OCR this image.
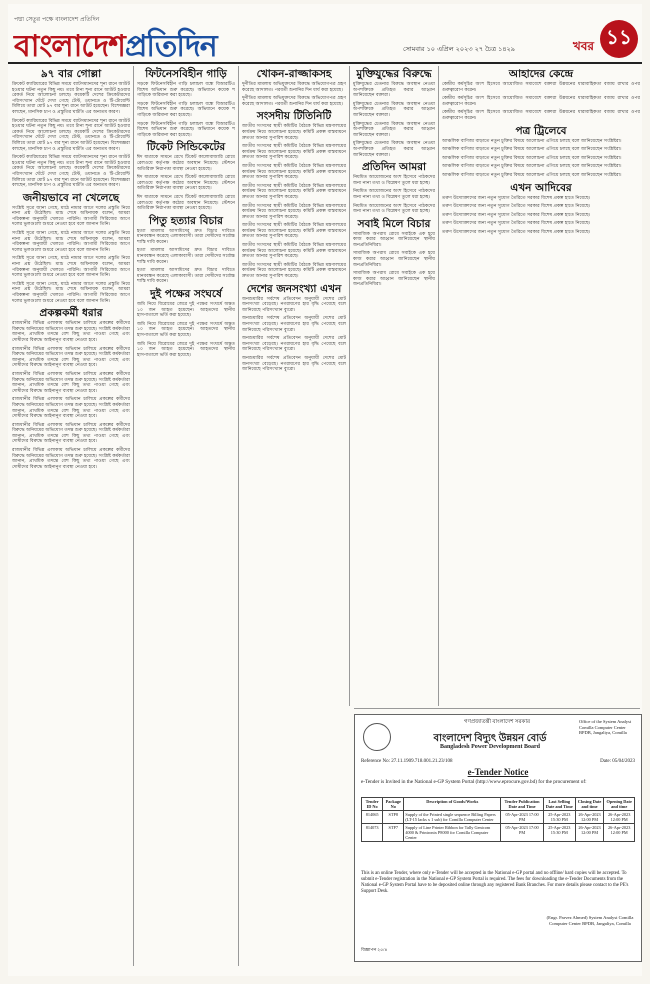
পদ্মা সেতুর পক্ষে বাংলাদেশ প্রতিদিন
বাংলাদেশপ্রতিদিন	সোমবার ১০ এপ্রিল ২০২৩ ২৭ চৈত্র ১৪২৯	খবর ১১
৯৭ বার গোল্লা

ক্রিকেট ক্যারিয়ারের বিভিন্ন সময়ে ব্যাটসম্যানদের শূন্য রানে আউট হওয়ার ঘটনা নতুন কিছু নয়। তবে টানা শূন্য রানে আউট হওয়ার রেকর্ড নিয়ে আলোচনা চলছে। কয়েকটি দেশের ক্রিকেটারদের পরিসংখ্যান ঘেঁটে দেখা গেছে টেস্ট, ওয়ানডে ও টি-টোয়েন্টি মিলিয়ে তারা মোট ৯৭ বার শূন্য রানে আউট হয়েছেন। বিশেষজ্ঞরা বলছেন, মানসিক চাপ ও প্রস্তুতির ঘাটতি এর অন্যতম কারণ।

ক্রিকেট ক্যারিয়ারের বিভিন্ন সময়ে ব্যাটসম্যানদের শূন্য রানে আউট হওয়ার ঘটনা নতুন কিছু নয়। তবে টানা শূন্য রানে আউট হওয়ার রেকর্ড নিয়ে আলোচনা চলছে। কয়েকটি দেশের ক্রিকেটারদের পরিসংখ্যান ঘেঁটে দেখা গেছে টেস্ট, ওয়ানডে ও টি-টোয়েন্টি মিলিয়ে তারা মোট ৯৭ বার শূন্য রানে আউট হয়েছেন। বিশেষজ্ঞরা বলছেন, মানসিক চাপ ও প্রস্তুতির ঘাটতি এর অন্যতম কারণ।

ক্রিকেট ক্যারিয়ারের বিভিন্ন সময়ে ব্যাটসম্যানদের শূন্য রানে আউট হওয়ার ঘটনা নতুন কিছু নয়। তবে টানা শূন্য রানে আউট হওয়ার রেকর্ড নিয়ে আলোচনা চলছে। কয়েকটি দেশের ক্রিকেটারদের পরিসংখ্যান ঘেঁটে দেখা গেছে টেস্ট, ওয়ানডে ও টি-টোয়েন্টি মিলিয়ে তারা মোট ৯৭ বার শূন্য রানে আউট হয়েছেন। বিশেষজ্ঞরা বলছেন, মানসিক চাপ ও প্রস্তুতির ঘাটতি এর অন্যতম কারণ।

জনীয়ভাবে না খেলেছে

সংশ্লিষ্ট সূত্রে জানা গেছে, মাঠে নামার আগে দলের প্রস্তুতি নিয়ে নানা প্রশ্ন উঠেছিল। ম্যাচ শেষে অধিনায়ক বলেন, আমরা পরিকল্পনা অনুযায়ী খেলতে পারিনি। আগামী সিরিজের আগে দলের ভুলগুলো শুধরে নেওয়া হবে বলে জানান তিনি।

সংশ্লিষ্ট সূত্রে জানা গেছে, মাঠে নামার আগে দলের প্রস্তুতি নিয়ে নানা প্রশ্ন উঠেছিল। ম্যাচ শেষে অধিনায়ক বলেন, আমরা পরিকল্পনা অনুযায়ী খেলতে পারিনি। আগামী সিরিজের আগে দলের ভুলগুলো শুধরে নেওয়া হবে বলে জানান তিনি।

সংশ্লিষ্ট সূত্রে জানা গেছে, মাঠে নামার আগে দলের প্রস্তুতি নিয়ে নানা প্রশ্ন উঠেছিল। ম্যাচ শেষে অধিনায়ক বলেন, আমরা পরিকল্পনা অনুযায়ী খেলতে পারিনি। আগামী সিরিজের আগে দলের ভুলগুলো শুধরে নেওয়া হবে বলে জানান তিনি।

সংশ্লিষ্ট সূত্রে জানা গেছে, মাঠে নামার আগে দলের প্রস্তুতি নিয়ে নানা প্রশ্ন উঠেছিল। ম্যাচ শেষে অধিনায়ক বলেন, আমরা পরিকল্পনা অনুযায়ী খেলতে পারিনি। আগামী সিরিজের আগে দলের ভুলগুলো শুধরে নেওয়া হবে বলে জানান তিনি।

প্রকল্পকর্মী ধরার

রাজধানীর বিভিন্ন এলাকায় অভিযান চালিয়ে প্রকল্পের কর্মীদের বিরুদ্ধে অনিয়মের অভিযোগ তদন্ত শুরু হয়েছে। সংশ্লিষ্ট কর্মকর্তারা জানান, প্রাথমিক তদন্তে বেশ কিছু তথ্য পাওয়া গেছে এবং দোষীদের বিরুদ্ধে আইনানুগ ব্যবস্থা নেওয়া হবে।

রাজধানীর বিভিন্ন এলাকায় অভিযান চালিয়ে প্রকল্পের কর্মীদের বিরুদ্ধে অনিয়মের অভিযোগ তদন্ত শুরু হয়েছে। সংশ্লিষ্ট কর্মকর্তারা জানান, প্রাথমিক তদন্তে বেশ কিছু তথ্য পাওয়া গেছে এবং দোষীদের বিরুদ্ধে আইনানুগ ব্যবস্থা নেওয়া হবে।

রাজধানীর বিভিন্ন এলাকায় অভিযান চালিয়ে প্রকল্পের কর্মীদের বিরুদ্ধে অনিয়মের অভিযোগ তদন্ত শুরু হয়েছে। সংশ্লিষ্ট কর্মকর্তারা জানান, প্রাথমিক তদন্তে বেশ কিছু তথ্য পাওয়া গেছে এবং দোষীদের বিরুদ্ধে আইনানুগ ব্যবস্থা নেওয়া হবে।

রাজধানীর বিভিন্ন এলাকায় অভিযান চালিয়ে প্রকল্পের কর্মীদের বিরুদ্ধে অনিয়মের অভিযোগ তদন্ত শুরু হয়েছে। সংশ্লিষ্ট কর্মকর্তারা জানান, প্রাথমিক তদন্তে বেশ কিছু তথ্য পাওয়া গেছে এবং দোষীদের বিরুদ্ধে আইনানুগ ব্যবস্থা নেওয়া হবে।

রাজধানীর বিভিন্ন এলাকায় অভিযান চালিয়ে প্রকল্পের কর্মীদের বিরুদ্ধে অনিয়মের অভিযোগ তদন্ত শুরু হয়েছে। সংশ্লিষ্ট কর্মকর্তারা জানান, প্রাথমিক তদন্তে বেশ কিছু তথ্য পাওয়া গেছে এবং দোষীদের বিরুদ্ধে আইনানুগ ব্যবস্থা নেওয়া হবে।

রাজধানীর বিভিন্ন এলাকায় অভিযান চালিয়ে প্রকল্পের কর্মীদের বিরুদ্ধে অনিয়মের অভিযোগ তদন্ত শুরু হয়েছে। সংশ্লিষ্ট কর্মকর্তারা জানান, প্রাথমিক তদন্তে বেশ কিছু তথ্য পাওয়া গেছে এবং দোষীদের বিরুদ্ধে আইনানুগ ব্যবস্থা নেওয়া হবে।

ফিটনেসবিহীন গাড়ি

সড়কে ফিটনেসবিহীন গাড়ি চলাচল বন্ধে বিআরটিএ বিশেষ অভিযান শুরু করেছে। অভিযানে কয়েক শ গাড়িকে জরিমানা করা হয়েছে।

সড়কে ফিটনেসবিহীন গাড়ি চলাচল বন্ধে বিআরটিএ বিশেষ অভিযান শুরু করেছে। অভিযানে কয়েক শ গাড়িকে জরিমানা করা হয়েছে।

সড়কে ফিটনেসবিহীন গাড়ি চলাচল বন্ধে বিআরটিএ বিশেষ অভিযান শুরু করেছে। অভিযানে কয়েক শ গাড়িকে জরিমানা করা হয়েছে।

টিকেট সিন্ডিকেটের

ঈদ যাত্রাকে সামনে রেখে টিকেট কালোবাজারি রোধে রেলওয়ে কর্তৃপক্ষ কঠোর অবস্থান নিয়েছে। স্টেশনে অতিরিক্ত নিরাপত্তা ব্যবস্থা নেওয়া হয়েছে।

ঈদ যাত্রাকে সামনে রেখে টিকেট কালোবাজারি রোধে রেলওয়ে কর্তৃপক্ষ কঠোর অবস্থান নিয়েছে। স্টেশনে অতিরিক্ত নিরাপত্তা ব্যবস্থা নেওয়া হয়েছে।

ঈদ যাত্রাকে সামনে রেখে টিকেট কালোবাজারি রোধে রেলওয়ে কর্তৃপক্ষ কঠোর অবস্থান নিয়েছে। স্টেশনে অতিরিক্ত নিরাপত্তা ব্যবস্থা নেওয়া হয়েছে।

পিতু হত্যার বিচার

হত্যা মামলার আসামিদের দ্রুত বিচার দাবিতে মানববন্ধন করেছে এলাকাবাসী। তারা দোষীদের সর্বোচ্চ শাস্তি দাবি করেন।

হত্যা মামলার আসামিদের দ্রুত বিচার দাবিতে মানববন্ধন করেছে এলাকাবাসী। তারা দোষীদের সর্বোচ্চ শাস্তি দাবি করেন।

হত্যা মামলার আসামিদের দ্রুত বিচার দাবিতে মানববন্ধন করেছে এলাকাবাসী। তারা দোষীদের সর্বোচ্চ শাস্তি দাবি করেন।

দুই পক্ষের সংঘর্ষে

জমি নিয়ে বিরোধের জেরে দুই পক্ষের সংঘর্ষে অন্তত ১০ জন আহত হয়েছেন। আহতদের স্থানীয় হাসপাতালে ভর্তি করা হয়েছে।

জমি নিয়ে বিরোধের জেরে দুই পক্ষের সংঘর্ষে অন্তত ১০ জন আহত হয়েছেন। আহতদের স্থানীয় হাসপাতালে ভর্তি করা হয়েছে।

জমি নিয়ে বিরোধের জেরে দুই পক্ষের সংঘর্ষে অন্তত ১০ জন আহত হয়েছেন। আহতদের স্থানীয় হাসপাতালে ভর্তি করা হয়েছে।

খোকন-রাজ্জাকসহ

দুর্নীতির মামলায় অভিযুক্তদের বিরুদ্ধে অভিযোগপত্র গ্রহণ করেছে আদালত। পরবর্তী শুনানির দিন ধার্য করা হয়েছে।

দুর্নীতির মামলায় অভিযুক্তদের বিরুদ্ধে অভিযোগপত্র গ্রহণ করেছে আদালত। পরবর্তী শুনানির দিন ধার্য করা হয়েছে।

সংসদীয় টিতিনিটি

জাতীয় সংসদের স্থায়ী কমিটির বৈঠকে বিভিন্ন মন্ত্রণালয়ের কার্যক্রম নিয়ে আলোচনা হয়েছে। কমিটি প্রকল্প বাস্তবায়নে দ্রুততা আনার সুপারিশ করেছে।

জাতীয় সংসদের স্থায়ী কমিটির বৈঠকে বিভিন্ন মন্ত্রণালয়ের কার্যক্রম নিয়ে আলোচনা হয়েছে। কমিটি প্রকল্প বাস্তবায়নে দ্রুততা আনার সুপারিশ করেছে।

জাতীয় সংসদের স্থায়ী কমিটির বৈঠকে বিভিন্ন মন্ত্রণালয়ের কার্যক্রম নিয়ে আলোচনা হয়েছে। কমিটি প্রকল্প বাস্তবায়নে দ্রুততা আনার সুপারিশ করেছে।

জাতীয় সংসদের স্থায়ী কমিটির বৈঠকে বিভিন্ন মন্ত্রণালয়ের কার্যক্রম নিয়ে আলোচনা হয়েছে। কমিটি প্রকল্প বাস্তবায়নে দ্রুততা আনার সুপারিশ করেছে।

জাতীয় সংসদের স্থায়ী কমিটির বৈঠকে বিভিন্ন মন্ত্রণালয়ের কার্যক্রম নিয়ে আলোচনা হয়েছে। কমিটি প্রকল্প বাস্তবায়নে দ্রুততা আনার সুপারিশ করেছে।

জাতীয় সংসদের স্থায়ী কমিটির বৈঠকে বিভিন্ন মন্ত্রণালয়ের কার্যক্রম নিয়ে আলোচনা হয়েছে। কমিটি প্রকল্প বাস্তবায়নে দ্রুততা আনার সুপারিশ করেছে।

জাতীয় সংসদের স্থায়ী কমিটির বৈঠকে বিভিন্ন মন্ত্রণালয়ের কার্যক্রম নিয়ে আলোচনা হয়েছে। কমিটি প্রকল্প বাস্তবায়নে দ্রুততা আনার সুপারিশ করেছে।

জাতীয় সংসদের স্থায়ী কমিটির বৈঠকে বিভিন্ন মন্ত্রণালয়ের কার্যক্রম নিয়ে আলোচনা হয়েছে। কমিটি প্রকল্প বাস্তবায়নে দ্রুততা আনার সুপারিশ করেছে।

দেশের জনসংখ্যা এখন

জনশুমারির সর্বশেষ প্রতিবেদন অনুযায়ী দেশের মোট জনসংখ্যা বেড়েছে। নগরায়ণের হার বৃদ্ধি পেয়েছে বলে জানিয়েছে পরিসংখ্যান ব্যুরো।

জনশুমারির সর্বশেষ প্রতিবেদন অনুযায়ী দেশের মোট জনসংখ্যা বেড়েছে। নগরায়ণের হার বৃদ্ধি পেয়েছে বলে জানিয়েছে পরিসংখ্যান ব্যুরো।

জনশুমারির সর্বশেষ প্রতিবেদন অনুযায়ী দেশের মোট জনসংখ্যা বেড়েছে। নগরায়ণের হার বৃদ্ধি পেয়েছে বলে জানিয়েছে পরিসংখ্যান ব্যুরো।

জনশুমারির সর্বশেষ প্রতিবেদন অনুযায়ী দেশের মোট জনসংখ্যা বেড়েছে। নগরায়ণের হার বৃদ্ধি পেয়েছে বলে জানিয়েছে পরিসংখ্যান ব্যুরো।

মুক্তিযুদ্ধের বিরুদ্ধে

মুক্তিযুদ্ধের চেতনার বিরুদ্ধে অবস্থান নেওয়া অপশক্তিকে প্রতিহত করার আহ্বান জানিয়েছেন বক্তারা।

মুক্তিযুদ্ধের চেতনার বিরুদ্ধে অবস্থান নেওয়া অপশক্তিকে প্রতিহত করার আহ্বান জানিয়েছেন বক্তারা।

মুক্তিযুদ্ধের চেতনার বিরুদ্ধে অবস্থান নেওয়া অপশক্তিকে প্রতিহত করার আহ্বান জানিয়েছেন বক্তারা।

মুক্তিযুদ্ধের চেতনার বিরুদ্ধে অবস্থান নেওয়া অপশক্তিকে প্রতিহত করার আহ্বান জানিয়েছেন বক্তারা।

প্রতিদিন আমরা

নিয়মিত আয়োজনের অংশ হিসেবে পাঠকদের জন্য নানা তথ্য ও বিশ্লেষণ তুলে ধরা হচ্ছে।

নিয়মিত আয়োজনের অংশ হিসেবে পাঠকদের জন্য নানা তথ্য ও বিশ্লেষণ তুলে ধরা হচ্ছে।

নিয়মিত আয়োজনের অংশ হিসেবে পাঠকদের জন্য নানা তথ্য ও বিশ্লেষণ তুলে ধরা হচ্ছে।

সবাই মিলে বিচার

সামাজিক অপরাধ রোধে সবাইকে এক হয়ে কাজ করার আহ্বান জানিয়েছেন স্থানীয় জনপ্রতিনিধিরা।

সামাজিক অপরাধ রোধে সবাইকে এক হয়ে কাজ করার আহ্বান জানিয়েছেন স্থানীয় জনপ্রতিনিধিরা।

সামাজিক অপরাধ রোধে সবাইকে এক হয়ে কাজ করার আহ্বান জানিয়েছেন স্থানীয় জনপ্রতিনিধিরা।

আহাদের কেন্দ্রে

কেন্দ্রীয় কর্মসূচির অংশ হিসেবে আয়োজিত সমাবেশে বক্তারা উন্নয়নের ধারাবাহিকতা বজায় রাখার ওপর গুরুত্বারোপ করেন।

কেন্দ্রীয় কর্মসূচির অংশ হিসেবে আয়োজিত সমাবেশে বক্তারা উন্নয়নের ধারাবাহিকতা বজায় রাখার ওপর গুরুত্বারোপ করেন।

কেন্দ্রীয় কর্মসূচির অংশ হিসেবে আয়োজিত সমাবেশে বক্তারা উন্নয়নের ধারাবাহিকতা বজায় রাখার ওপর গুরুত্বারোপ করেন।

পত্র ট্রিলেবে

আঞ্চলিক বাণিজ্য বাড়াতে নতুন চুক্তির বিষয়ে আলোচনা এগিয়ে চলছে বলে জানিয়েছেন সংশ্লিষ্টরা।

আঞ্চলিক বাণিজ্য বাড়াতে নতুন চুক্তির বিষয়ে আলোচনা এগিয়ে চলছে বলে জানিয়েছেন সংশ্লিষ্টরা।

আঞ্চলিক বাণিজ্য বাড়াতে নতুন চুক্তির বিষয়ে আলোচনা এগিয়ে চলছে বলে জানিয়েছেন সংশ্লিষ্টরা।

আঞ্চলিক বাণিজ্য বাড়াতে নতুন চুক্তির বিষয়ে আলোচনা এগিয়ে চলছে বলে জানিয়েছেন সংশ্লিষ্টরা।

আঞ্চলিক বাণিজ্য বাড়াতে নতুন চুক্তির বিষয়ে আলোচনা এগিয়ে চলছে বলে জানিয়েছেন সংশ্লিষ্টরা।

এখন আদিবের

তরুণ উদ্যোক্তাদের জন্য নতুন সুযোগ তৈরিতে সরকার বিশেষ প্রকল্প হাতে নিয়েছে।

তরুণ উদ্যোক্তাদের জন্য নতুন সুযোগ তৈরিতে সরকার বিশেষ প্রকল্প হাতে নিয়েছে।

তরুণ উদ্যোক্তাদের জন্য নতুন সুযোগ তৈরিতে সরকার বিশেষ প্রকল্প হাতে নিয়েছে।

তরুণ উদ্যোক্তাদের জন্য নতুন সুযোগ তৈরিতে সরকার বিশেষ প্রকল্প হাতে নিয়েছে।

তরুণ উদ্যোক্তাদের জন্য নতুন সুযোগ তৈরিতে সরকার বিশেষ প্রকল্প হাতে নিয়েছে।

গণপ্রজাতন্ত্রী বাংলাদেশ সরকার
বাংলাদেশ বিদ্যুৎ উন্নয়ন বোর্ড
Bangladesh Power Development Board
Office of the System Analyst Comilla Computer Center BPDB, Jangaliya, Comilla
Reference No: 27.11.1909.718.001.21.23/108	Date: 05/04/2023
e-Tender Notice
e-Tender is Invited in the National e-GP System Portal (http://www.eprocure.gov.bd) for the procurement of:
Tender ID No	Package No	Description of Goods/Works	Tender Publication Date and Time	Last Selling Date and Time	Closing Date and time	Opening Date and time
814065	STP8	Supply of the Printed single sequence Billing Papers (LT-15 lacks x 1 sub) for Comilla Computer Center	05-Apr-2023 17:00 PM	25-Apr-2023 15:30 PM	26-Apr-2023 12:00 PM	26-Apr-2023 12:00 PM
814073	STP7	Supply of Line Printer Ribbon for Tally Genicom 4000 & Printronix P8000 for Comilla Computer Center	05-Apr-2023 17:00 PM	25-Apr-2023 15:30 PM	26-Apr-2023 12:00 PM	26-Apr-2023 12:00 PM
This is an online Tender, where only e-Tender will be accepted in the National e-GP portal and no offline/ hard copies will be accepted. To submit e-Tender registration in the National e-GP System Portal is required. The fees for downloading the e-Tender Documents from the National e-GP System Portal have to be deposited online through any registered Bank Branches. For more details please contact to the PE's Support Desk.
(Engr. Parvez Ahmed) System Analyst Comilla Computer Center BPDB, Jangaliya, Comilla
বিজ্ঞাপন ২৫/৪
